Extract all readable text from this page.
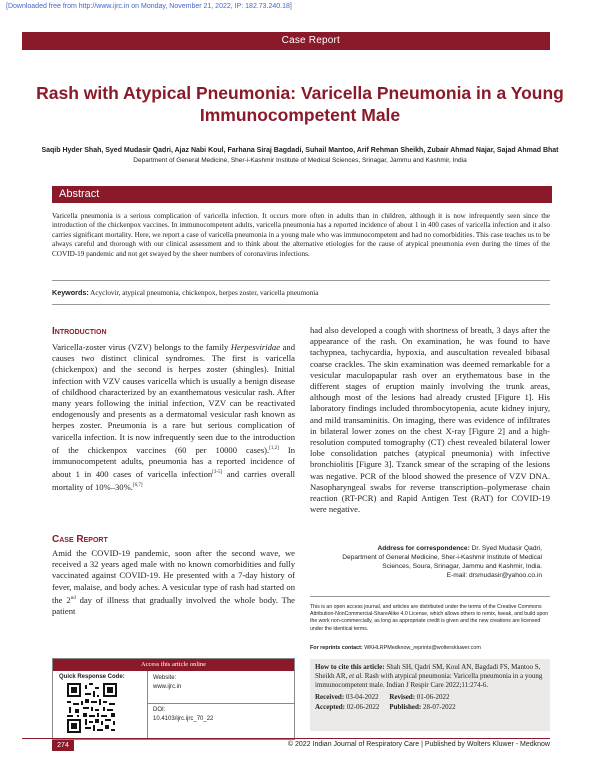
[Downloaded free from http://www.ijrc.in on Monday, November 21, 2022, IP: 182.73.240.18]
Case Report
Rash with Atypical Pneumonia: Varicella Pneumonia in a Young
Immunocompetent Male
Saqib Hyder Shah, Syed Mudasir Qadri, Ajaz Nabi Koul, Farhana Siraj Bagdadi, Suhail Mantoo, Arif Rehman Sheikh, Zubair Ahmad Najar, Sajad Ahmad Bhat
Department of General Medicine, Sher-i-Kashmir Institute of Medical Sciences, Srinagar, Jammu and Kashmir, India
Abstract
Varicella pneumonia is a serious complication of varicella infection. It occurs more often in adults than in children, although it is now infrequently seen since the introduction of the chickenpox vaccines. In immunocompetent adults, varicella pneumonia has a reported incidence of about 1 in 400 cases of varicella infection and it also carries significant mortality. Here, we report a case of varicella pneumonia in a young male who was immunocompetent and had no comorbidities. This case teaches us to be always careful and thorough with our clinical assessment and to think about the alternative etiologies for the cause of atypical pneumonia even during the times of the COVID-19 pandemic and not get swayed by the sheer numbers of coronavirus infections.
Keywords: Acyclovir, atypical pneumonia, chickenpox, herpes zoster, varicella pneumonia
Introduction
Varicella-zoster virus (VZV) belongs to the family Herpesviridae and causes two distinct clinical syndromes. The first is varicella (chickenpox) and the second is herpes zoster (shingles). Initial infection with VZV causes varicella which is usually a benign disease of childhood characterized by an exanthematous vesicular rash. After many years following the initial infection, VZV can be reactivated endogenously and presents as a dermatomal vesicular rash known as herpes zoster. Pneumonia is a rare but serious complication of varicella infection. It is now infrequently seen due to the introduction of the chickenpox vaccines (60 per 10000 cases).[1,2] In immunocompetent adults, pneumonia has a reported incidence of about 1 in 400 cases of varicella infection[3-5] and carries overall mortality of 10%–30%.[6,7]
Case Report
Amid the COVID-19 pandemic, soon after the second wave, we received a 32 years aged male with no known comorbidities and fully vaccinated against COVID-19. He presented with a 7-day history of fever, malaise, and body aches. A vesicular type of rash had started on the 2nd day of illness that gradually involved the whole body. The patient
had also developed a cough with shortness of breath, 3 days after the appearance of the rash. On examination, he was found to have tachypnea, tachycardia, hypoxia, and auscultation revealed bibasal coarse crackles. The skin examination was deemed remarkable for a vesicular maculopapular rash over an erythematous base in the different stages of eruption mainly involving the trunk areas, although most of the lesions had already crusted [Figure 1]. His laboratory findings included thrombocytopenia, acute kidney injury, and mild transaminitis. On imaging, there was evidence of infiltrates in bilateral lower zones on the chest X-ray [Figure 2] and a high-resolution computed tomography (CT) chest revealed bilateral lower lobe consolidation patches (atypical pneumonia) with infective bronchiolitis [Figure 3]. Tzanck smear of the scraping of the lesions was negative. PCR of the blood showed the presence of VZV DNA. Nasopharyngeal swabs for reverse transcription–polymerase chain reaction (RT-PCR) and Rapid Antigen Test (RAT) for COVID-19 were negative.
Address for correspondence: Dr. Syed Mudasir Qadri,
Department of General Medicine, Sher-i-Kashmir Institute of Medical
Sciences, Soura, Srinagar, Jammu and Kashmir, India.
E-mail: drsmudasir@yahoo.co.in
This is an open access journal, and articles are distributed under the terms of the Creative Commons Attribution-NonCommercial-ShareAlike 4.0 License, which allows others to remix, tweak, and build upon the work non-commercially, as long as appropriate credit is given and the new creations are licensed under the identical terms.
For reprints contact: WKHLRPMedknow_reprints@wolterskluwer.com
How to cite this article: Shah SH, Qadri SM, Koul AN, Bagdadi FS, Mantoo S, Sheikh AR, et al. Rash with atypical pneumonia: Varicella pneumonia in a young immunocompetent male. Indian J Respir Care 2022;11:274-6.
Received: 03-04-2022	Revised: 01-06-2022
Accepted: 02-06-2022	Published: 28-07-2022
Access this article online
Quick Response Code:	Website:
www.ijrc.in
DOI:
10.4103/ijrc.ijrc_70_22
274	© 2022 Indian Journal of Respiratory Care | Published by Wolters Kluwer - Medknow
